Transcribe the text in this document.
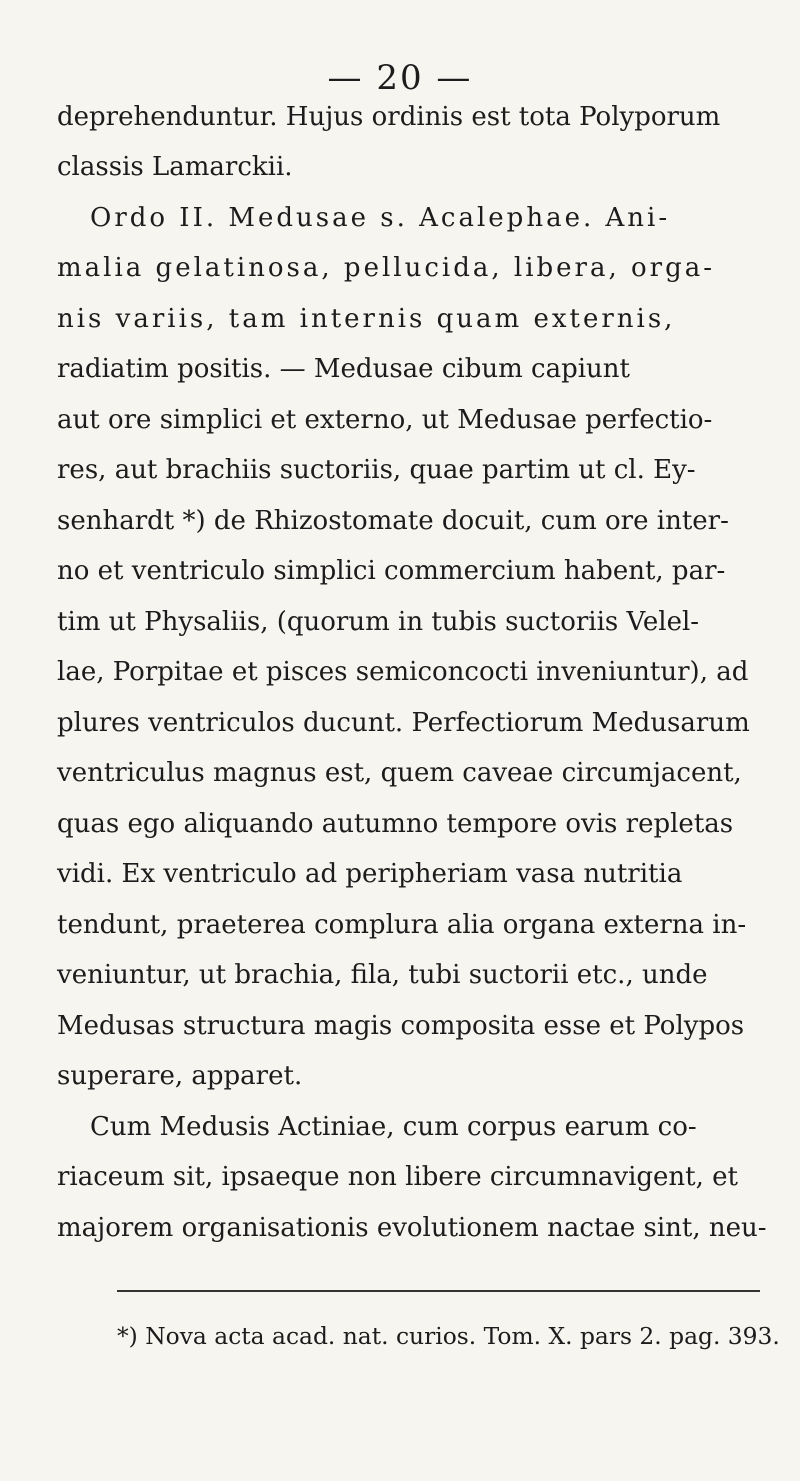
— 20 —
deprehenduntur. Hujus ordinis est tota Polyporum
classis Lamarckii.
Ordo II. Medusae s. Acalephae. Ani-
malia gelatinosa, pellucida, libera, orga-
nis variis, tam internis quam externis,
radiatim positis. — Medusae cibum capiunt
aut ore simplici et externo, ut Medusae perfectio-
res, aut brachiis suctoriis, quae partim ut cl. Ey-
senhardt *) de Rhizostomate docuit, cum ore inter-
no et ventriculo simplici commercium habent, par-
tim ut Physaliis, (quorum in tubis suctoriis Velel-
lae, Porpitae et pisces semiconcocti inveniuntur), ad
plures ventriculos ducunt. Perfectiorum Medusarum
ventriculus magnus est, quem caveae circumjacent,
quas ego aliquando autumno tempore ovis repletas
vidi. Ex ventriculo ad peripheriam vasa nutritia
tendunt, praeterea complura alia organa externa in-
veniuntur, ut brachia, fila, tubi suctorii etc., unde
Medusas structura magis composita esse et Polypos
superare, apparet.
Cum Medusis Actiniae, cum corpus earum co-
riaceum sit, ipsaeque non libere circumnavigent, et
majorem organisationis evolutionem nactae sint, neu-
*) Nova acta acad. nat. curios. Tom. X. pars 2. pag. 393.
